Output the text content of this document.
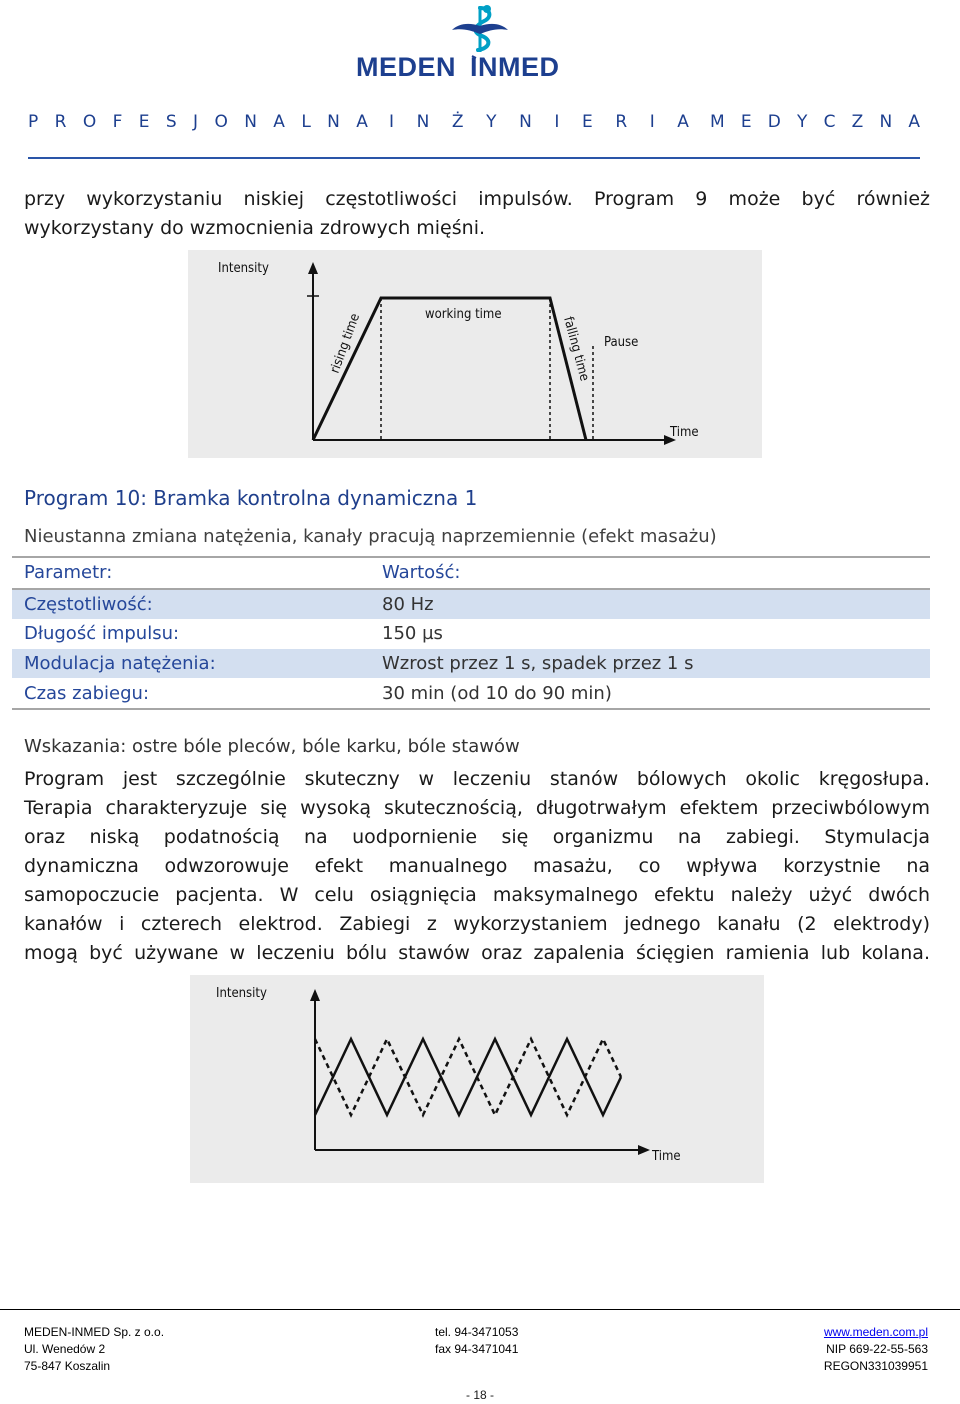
MEDEN INMED
P R O F E S J O N A L N A I N Ż Y N I E R I A M E D Y C Z N A
przy wykorzystaniu niskiej częstotliwości impulsów. Program 9 może być również
wykorzystany do wzmocnienia zdrowych mięśni.
Intensity
Time
working time
Pause
rising time	falling time
Program 10: Bramka kontrolna dynamiczna 1
Nieustanna zmiana natężenia, kanały pracują naprzemiennie (efekt masażu)
Parametr:	Wartość:
Częstotliwość:	80 Hz
Długość impulsu:	150 µs
Modulacja natężenia:	Wzrost przez 1 s, spadek przez 1 s
Czas zabiegu:	30 min (od 10 do 90 min)
Wskazania: ostre bóle pleców, bóle karku, bóle stawów
Program jest szczególnie skuteczny w leczeniu stanów bólowych okolic kręgosłupa.
Terapia charakteryzuje się wysoką skutecznością, długotrwałym efektem przeciwbólowym
oraz niską podatnością na uodpornienie się organizmu na zabiegi. Stymulacja
dynamiczna odwzorowuje efekt manualnego masażu, co wpływa korzystnie na
samopoczucie pacjenta. W celu osiągnięcia maksymalnego efektu należy użyć dwóch
kanałów i czterech elektrod. Zabiegi z wykorzystaniem jednego kanału (2 elektrody)
mogą być używane w leczeniu bólu stawów oraz zapalenia ścięgien ramienia lub kolana.
Intensity
Time
MEDEN-INMED Sp. z o.o.
Ul. Wenedów 2
75-847 Koszalin
tel. 94-3471053
fax 94-3471041
www.meden.com.pl
NIP 669-22-55-563
REGON331039951
- 18 -
